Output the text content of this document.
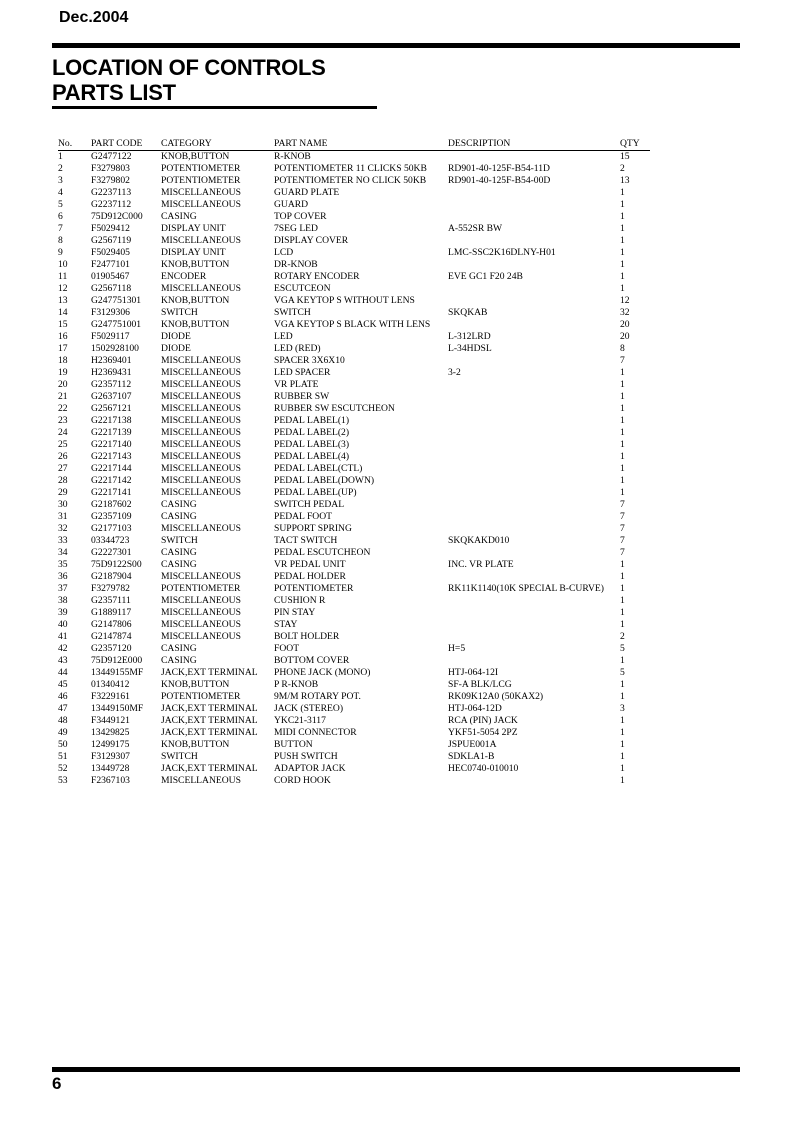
Dec.2004
LOCATION OF CONTROLS
PARTS LIST
No.	PART CODE	CATEGORY	PART NAME	DESCRIPTION	QTY
1	G2477122	KNOB,BUTTON	R-KNOB		15
2	F3279803	POTENTIOMETER	POTENTIOMETER 11 CLICKS 50KB	RD901-40-125F-B54-11D	2
3	F3279802	POTENTIOMETER	POTENTIOMETER NO CLICK 50KB	RD901-40-125F-B54-00D	13
4	G2237113	MISCELLANEOUS	GUARD PLATE		1
5	G2237112	MISCELLANEOUS	GUARD		1
6	75D912C000	CASING	TOP COVER		1
7	F5029412	DISPLAY UNIT	7SEG LED	A-552SR BW	1
8	G2567119	MISCELLANEOUS	DISPLAY COVER		1
9	F5029405	DISPLAY UNIT	LCD	LMC-SSC2K16DLNY-H01	1
10	F2477101	KNOB,BUTTON	DR-KNOB		1
11	01905467	ENCODER	ROTARY ENCODER	EVE GC1 F20 24B	1
12	G2567118	MISCELLANEOUS	ESCUTCEON		1
13	G247751301	KNOB,BUTTON	VGA KEYTOP S WITHOUT LENS		12
14	F3129306	SWITCH	SWITCH	SKQKAB	32
15	G247751001	KNOB,BUTTON	VGA KEYTOP S BLACK WITH LENS		20
16	F5029117	DIODE	LED	L-312LRD	20
17	1502928100	DIODE	LED (RED)	L-34HDSL	8
18	H2369401	MISCELLANEOUS	SPACER 3X6X10		7
19	H2369431	MISCELLANEOUS	LED SPACER	3-2	1
20	G2357112	MISCELLANEOUS	VR PLATE		1
21	G2637107	MISCELLANEOUS	RUBBER SW		1
22	G2567121	MISCELLANEOUS	RUBBER SW ESCUTCHEON		1
23	G2217138	MISCELLANEOUS	PEDAL LABEL(1)		1
24	G2217139	MISCELLANEOUS	PEDAL LABEL(2)		1
25	G2217140	MISCELLANEOUS	PEDAL LABEL(3)		1
26	G2217143	MISCELLANEOUS	PEDAL LABEL(4)		1
27	G2217144	MISCELLANEOUS	PEDAL LABEL(CTL)		1
28	G2217142	MISCELLANEOUS	PEDAL LABEL(DOWN)		1
29	G2217141	MISCELLANEOUS	PEDAL LABEL(UP)		1
30	G2187602	CASING	SWITCH PEDAL		7
31	G2357109	CASING	PEDAL FOOT		7
32	G2177103	MISCELLANEOUS	SUPPORT SPRING		7
33	03344723	SWITCH	TACT SWITCH	SKQKAKD010	7
34	G2227301	CASING	PEDAL ESCUTCHEON		7
35	75D9122S00	CASING	VR PEDAL UNIT	INC. VR PLATE	1
36	G2187904	MISCELLANEOUS	PEDAL HOLDER		1
37	F3279782	POTENTIOMETER	POTENTIOMETER	RK11K1140(10K SPECIAL B-CURVE)	1
38	G2357111	MISCELLANEOUS	CUSHION R		1
39	G1889117	MISCELLANEOUS	PIN STAY		1
40	G2147806	MISCELLANEOUS	STAY		1
41	G2147874	MISCELLANEOUS	BOLT HOLDER		2
42	G2357120	CASING	FOOT	H=5	5
43	75D912E000	CASING	BOTTOM COVER		1
44	13449155MF	JACK,EXT TERMINAL	PHONE JACK (MONO)	HTJ-064-12I	5
45	01340412	KNOB,BUTTON	P R-KNOB	SF-A BLK/LCG	1
46	F3229161	POTENTIOMETER	9M/M ROTARY POT.	RK09K12A0 (50KAX2)	1
47	13449150MF	JACK,EXT TERMINAL	JACK (STEREO)	HTJ-064-12D	3
48	F3449121	JACK,EXT TERMINAL	YKC21-3117	RCA (PIN) JACK	1
49	13429825	JACK,EXT TERMINAL	MIDI CONNECTOR	YKF51-5054 2PZ	1
50	12499175	KNOB,BUTTON	BUTTON	JSPUE001A	1
51	F3129307	SWITCH	PUSH SWITCH	SDKLA1-B	1
52	13449728	JACK,EXT TERMINAL	ADAPTOR JACK	HEC0740-010010	1
53	F2367103	MISCELLANEOUS	CORD HOOK		1
6
